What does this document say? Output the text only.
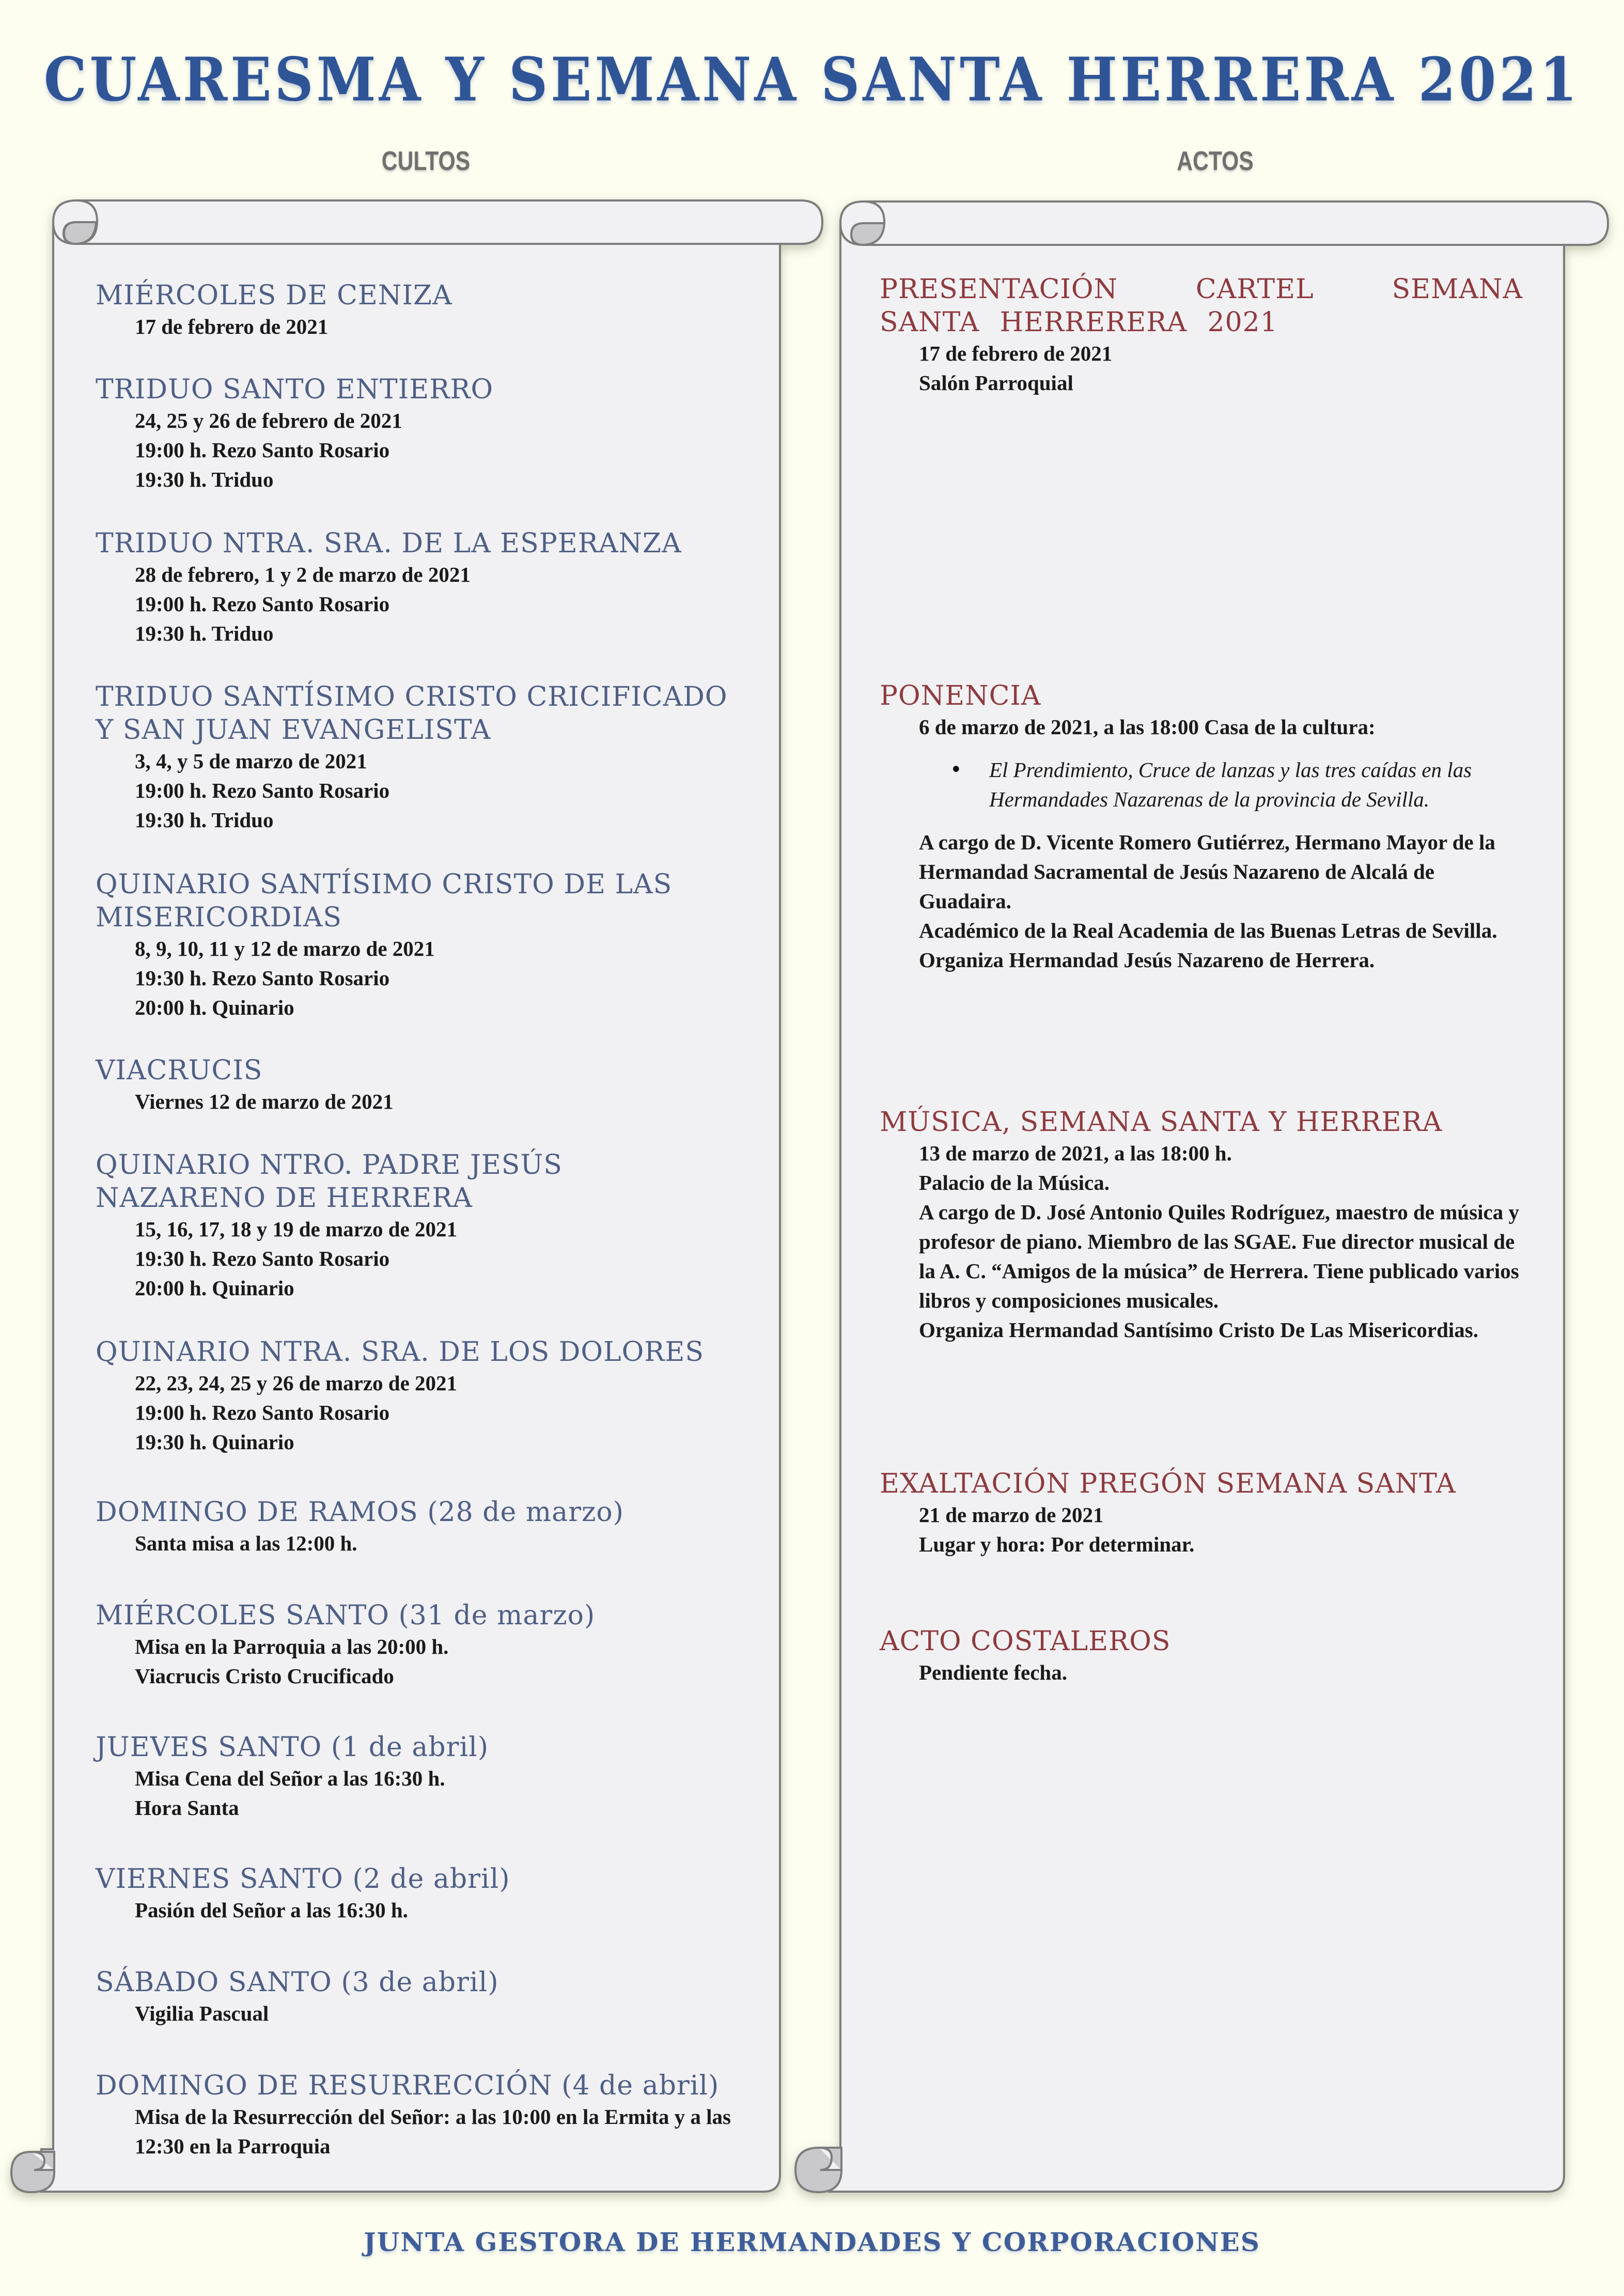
CUARESMA Y SEMANA SANTA HERRERA 2021
CULTOS	ACTOS
MIÉRCOLES DE CENIZA
17 de febrero de 2021
TRIDUO SANTO ENTIERRO
24, 25 y 26 de febrero de 2021
19:00 h. Rezo Santo Rosario
19:30 h. Triduo
TRIDUO NTRA. SRA. DE LA ESPERANZA
28 de febrero, 1 y 2 de marzo de 2021
19:00 h. Rezo Santo Rosario
19:30 h. Triduo
TRIDUO SANTÍSIMO CRISTO CRICIFICADO Y SAN JUAN EVANGELISTA
3, 4, y 5 de marzo de 2021
19:00 h. Rezo Santo Rosario
19:30 h. Triduo
QUINARIO SANTÍSIMO CRISTO DE LAS MISERICORDIAS
8, 9, 10, 11 y 12 de marzo de 2021
19:30 h. Rezo Santo Rosario
20:00 h. Quinario
VIACRUCIS
Viernes 12 de marzo de 2021
QUINARIO NTRO. PADRE JESÚS NAZARENO DE HERRERA
15, 16, 17, 18 y 19 de marzo de 2021
19:30 h. Rezo Santo Rosario
20:00 h. Quinario
QUINARIO NTRA. SRA. DE LOS DOLORES
22, 23, 24, 25 y 26 de marzo de 2021
19:00 h. Rezo Santo Rosario
19:30 h. Quinario
DOMINGO DE RAMOS (28 de marzo)
Santa misa a las 12:00 h.
MIÉRCOLES SANTO (31 de marzo)
Misa en la Parroquia a las 20:00 h.
Viacrucis Cristo Crucificado
JUEVES SANTO (1 de abril)
Misa Cena del Señor a las 16:30 h.
Hora Santa
VIERNES SANTO (2 de abril)
Pasión del Señor a las 16:30 h.
SÁBADO SANTO (3 de abril)
Vigilia Pascual
DOMINGO DE RESURRECCIÓN (4 de abril)
Misa de la Resurrección del Señor: a las 10:00 en la Ermita y a las 12:30 en la Parroquia
PRESENTACIÓN CARTEL SEMANA SANTA HERRERERA 2021
17 de febrero de 2021
Salón Parroquial
PONENCIA
6 de marzo de 2021, a las 18:00 Casa de la cultura:
•	El Prendimiento, Cruce de lanzas y las tres caídas en las Hermandades Nazarenas de la provincia de Sevilla.
A cargo de D. Vicente Romero Gutiérrez, Hermano Mayor de la Hermandad Sacramental de Jesús Nazareno de Alcalá de Guadaira.
Académico de la Real Academia de las Buenas Letras de Sevilla.
Organiza Hermandad Jesús Nazareno de Herrera.
MÚSICA, SEMANA SANTA Y HERRERA
13 de marzo de 2021, a las 18:00 h.
Palacio de la Música.
A cargo de D. José Antonio Quiles Rodríguez, maestro de música y profesor de piano. Miembro de las SGAE. Fue director musical de la A. C. “Amigos de la música” de Herrera. Tiene publicado varios libros y composiciones musicales.
Organiza Hermandad Santísimo Cristo De Las Misericordias.
EXALTACIÓN PREGÓN SEMANA SANTA
21 de marzo de 2021
Lugar y hora: Por determinar.
ACTO COSTALEROS
Pendiente fecha.
JUNTA GESTORA DE HERMANDADES Y CORPORACIONES
